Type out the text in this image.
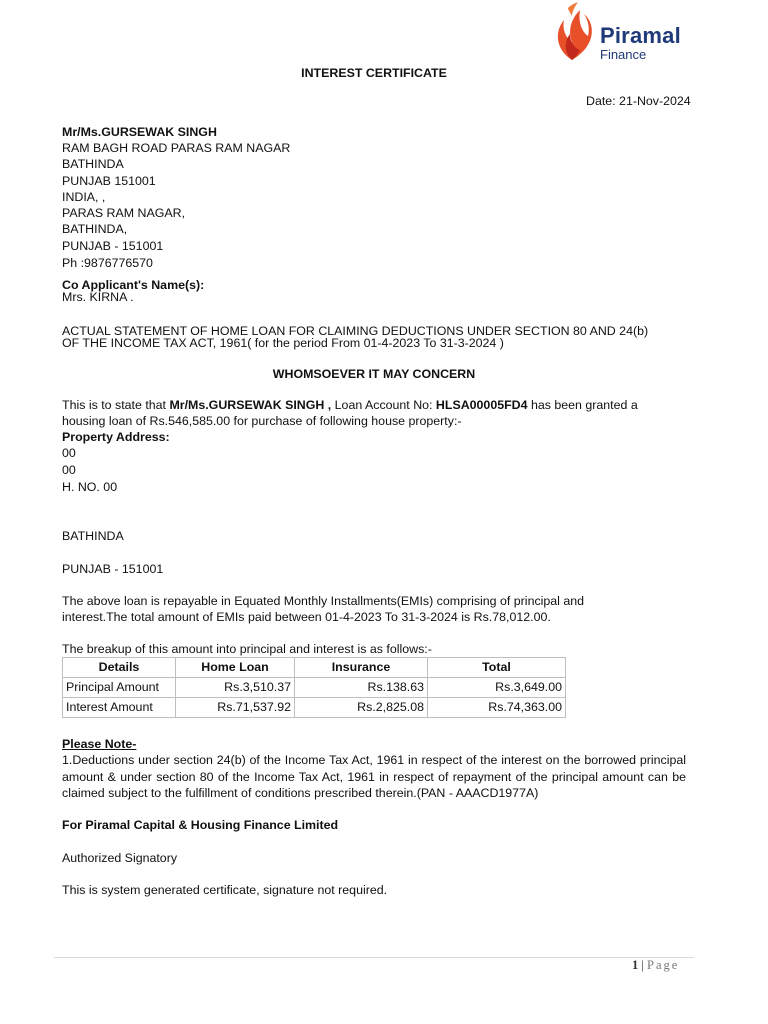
Piramal
Finance
INTEREST CERTIFICATE
Date: 21-Nov-2024
Mr/Ms.GURSEWAK SINGH
RAM BAGH ROAD PARAS RAM NAGAR
BATHINDA
PUNJAB 151001
INDIA, ,
PARAS RAM NAGAR,
BATHINDA,
PUNJAB - 151001
Ph :9876776570
Co Applicant's Name(s):
Mrs. KIRNA .
ACTUAL STATEMENT OF HOME LOAN FOR CLAIMING DEDUCTIONS UNDER SECTION 80 AND 24(b)
OF THE INCOME TAX ACT, 1961( for the period From 01-4-2023 To 31-3-2024 )
WHOMSOEVER IT MAY CONCERN
This is to state that Mr/Ms.GURSEWAK SINGH , Loan Account No: HLSA00005FD4 has been granted a
housing loan of Rs.546,585.00 for purchase of following house property:-
Property Address:
00
00
H. NO. 00
BATHINDA
PUNJAB - 151001
The above loan is repayable in Equated Monthly Installments(EMIs) comprising of principal and
interest.The total amount of EMIs paid between 01-4-2023 To 31-3-2024 is Rs.78,012.00.
The breakup of this amount into principal and interest is as follows:-
Details	Home Loan	Insurance	Total
Principal Amount	Rs.3,510.37	Rs.138.63	Rs.3,649.00
Interest Amount	Rs.71,537.92	Rs.2,825.08	Rs.74,363.00
Please Note-
1.Deductions under section 24(b) of the Income Tax Act, 1961 in respect of the interest on the borrowed principal amount & under section 80 of the Income Tax Act, 1961 in respect of repayment of the principal amount can be claimed subject to the fulfillment of conditions prescribed therein.(PAN - AAACD1977A)
For Piramal Capital & Housing Finance Limited
Authorized Signatory
This is system generated certificate, signature not required.
1 | Page
